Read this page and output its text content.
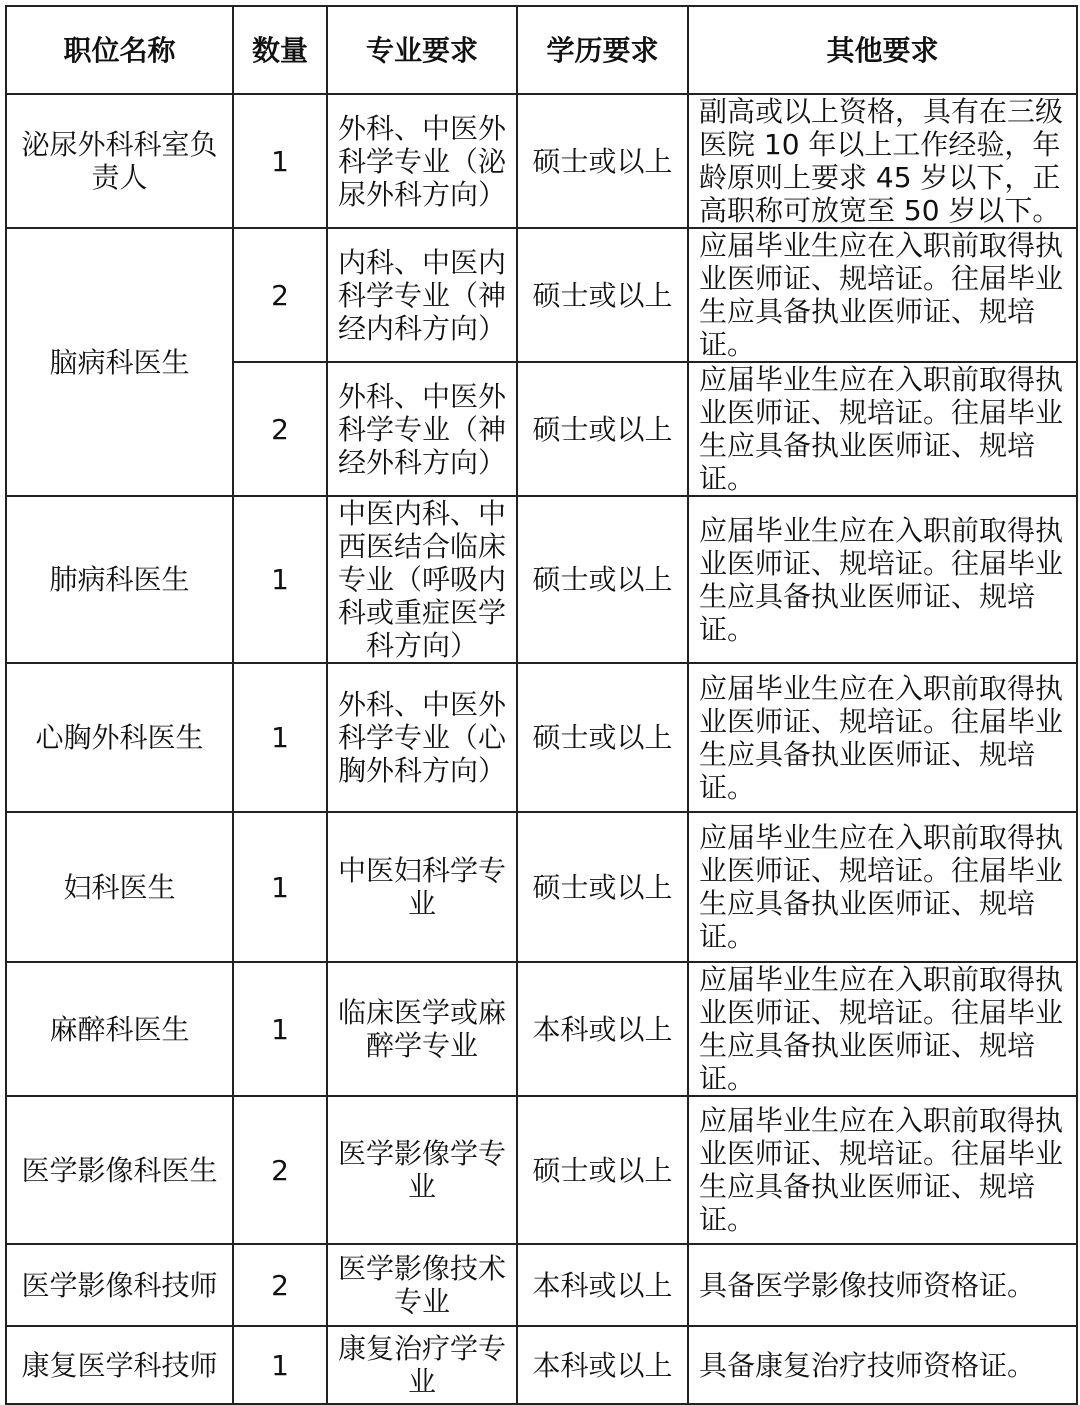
职位名称	数量	专业要求	学历要求	其他要求
泌尿外科科室负责人	1	外科、中医外科学专业（泌尿外科方向）	硕士或以上	副高或以上资格，具有在三级医院 10 年以上工作经验，年龄原则上要求 45 岁以下，正高职称可放宽至 50 岁以下。
脑病科医生	2	内科、中医内科学专业（神经内科方向）	硕士或以上	应届毕业生应在入职前取得执业医师证、规培证。往届毕业生应具备执业医师证、规培证。
	2	外科、中医外科学专业（神经外科方向）	硕士或以上	应届毕业生应在入职前取得执业医师证、规培证。往届毕业生应具备执业医师证、规培证。
肺病科医生	1	中医内科、中西医结合临床专业（呼吸内科或重症医学科方向）	硕士或以上	应届毕业生应在入职前取得执业医师证、规培证。往届毕业生应具备执业医师证、规培证。
心胸外科医生	1	外科、中医外科学专业（心胸外科方向）	硕士或以上	应届毕业生应在入职前取得执业医师证、规培证。往届毕业生应具备执业医师证、规培证。
妇科医生	1	中医妇科学专业	硕士或以上	应届毕业生应在入职前取得执业医师证、规培证。往届毕业生应具备执业医师证、规培证。
麻醉科医生	1	临床医学或麻醉学专业	本科或以上	应届毕业生应在入职前取得执业医师证、规培证。往届毕业生应具备执业医师证、规培证。
医学影像科医生	2	医学影像学专业	硕士或以上	应届毕业生应在入职前取得执业医师证、规培证。往届毕业生应具备执业医师证、规培证。
医学影像科技师	2	医学影像技术专业	本科或以上	具备医学影像技师资格证。
康复医学科技师	1	康复治疗学专业	本科或以上	具备康复治疗技师资格证。
